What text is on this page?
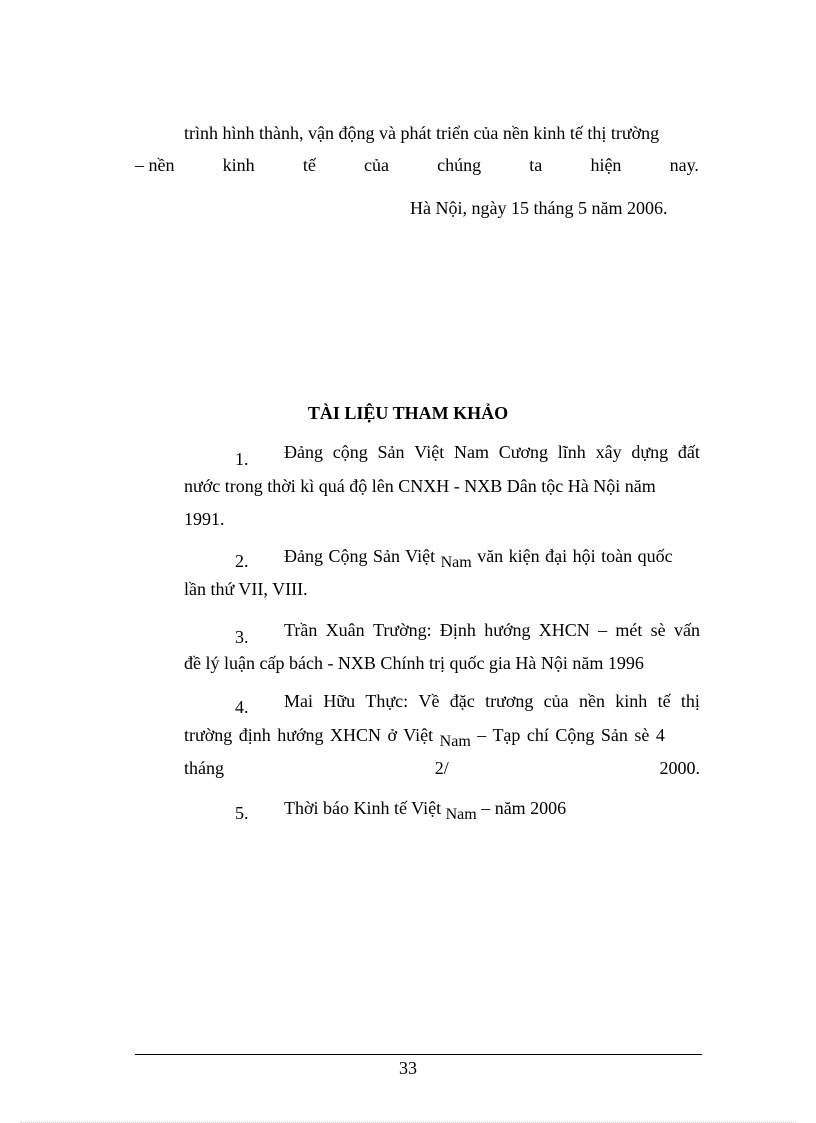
trình hình thành, vận động và phát triển của nền kinh tế thị trường
– nền	kinh	tế	của	chúng	ta	hiện	nay.
Hà Nội, ngày 15 tháng 5 năm 2006.
TÀI LIỆU THAM KHẢO
1. Đảng cộng Sản Việt Nam Cương lĩnh xây dựng đất
nước trong thời kì quá độ lên CNXH - NXB Dân tộc Hà Nội năm
1991.
2. Đảng Cộng Sản Việt Nam văn kiện đại hội toàn quốc
lần thứ VII, VIII.
3. Trần Xuân Trường: Định hướng XHCN – mét sè vấn
đề lý luận cấp bách - NXB Chính trị quốc gia Hà Nội năm 1996
4. Mai Hữu Thực: Về đặc trương của nền kinh tế thị
trường định hướng XHCN ở Việt Nam – Tạp chí Cộng Sản sè 4
tháng	2/	2000.
5. Thời báo Kinh tế Việt Nam – năm 2006
33
